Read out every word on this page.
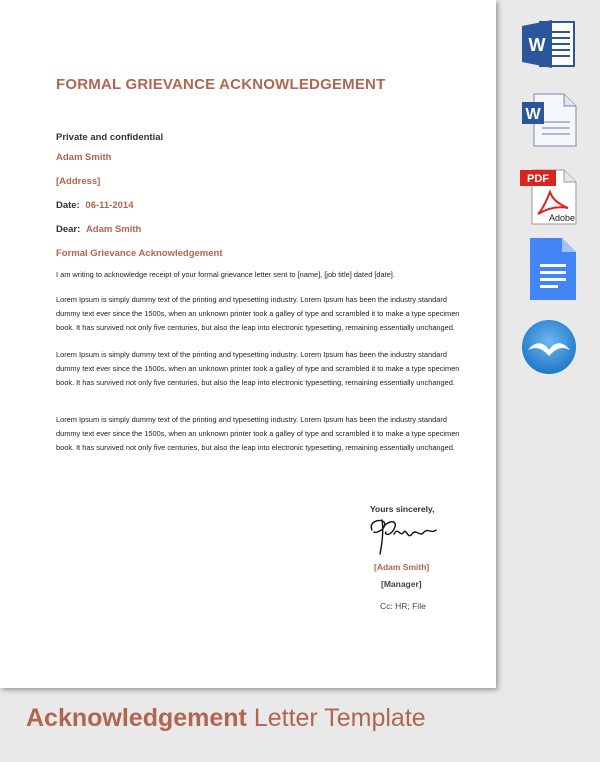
FORMAL GRIEVANCE ACKNOWLEDGEMENT
Private and confidential
Adam Smith
[Address]
Date: 06-11-2014
Dear: Adam Smith
Formal Grievance Acknowledgement
I am writing to acknowledge receipt of your formal grievance letter sent to [name], [job title] dated [date].
Lorem Ipsum is simply dummy text of the printing and typesetting industry. Lorem Ipsum has been the industry standard dummy text ever since the 1500s, when an unknown printer took a galley of type and scrambled it to make a type specimen book. It has survived not only five centuries, but also the leap into electronic typesetting, remaining essentially unchanged.
Lorem Ipsum is simply dummy text of the printing and typesetting industry. Lorem Ipsum has been the industry standard dummy text ever since the 1500s, when an unknown printer took a galley of type and scrambled it to make a type specimen book. It has survived not only five centuries, but also the leap into electronic typesetting, remaining essentially unchanged.
Lorem Ipsum is simply dummy text of the printing and typesetting industry. Lorem Ipsum has been the industry standard dummy text ever since the 1500s, when an unknown printer took a galley of type and scrambled it to make a type specimen book. It has survived not only five centuries, but also the leap into electronic typesetting, remaining essentially unchanged.
Yours sincerely,
[Adam Smith]
[Manager]
Cc: HR; File
W
W
PDF
Adobe
Acknowledgement Letter Template
